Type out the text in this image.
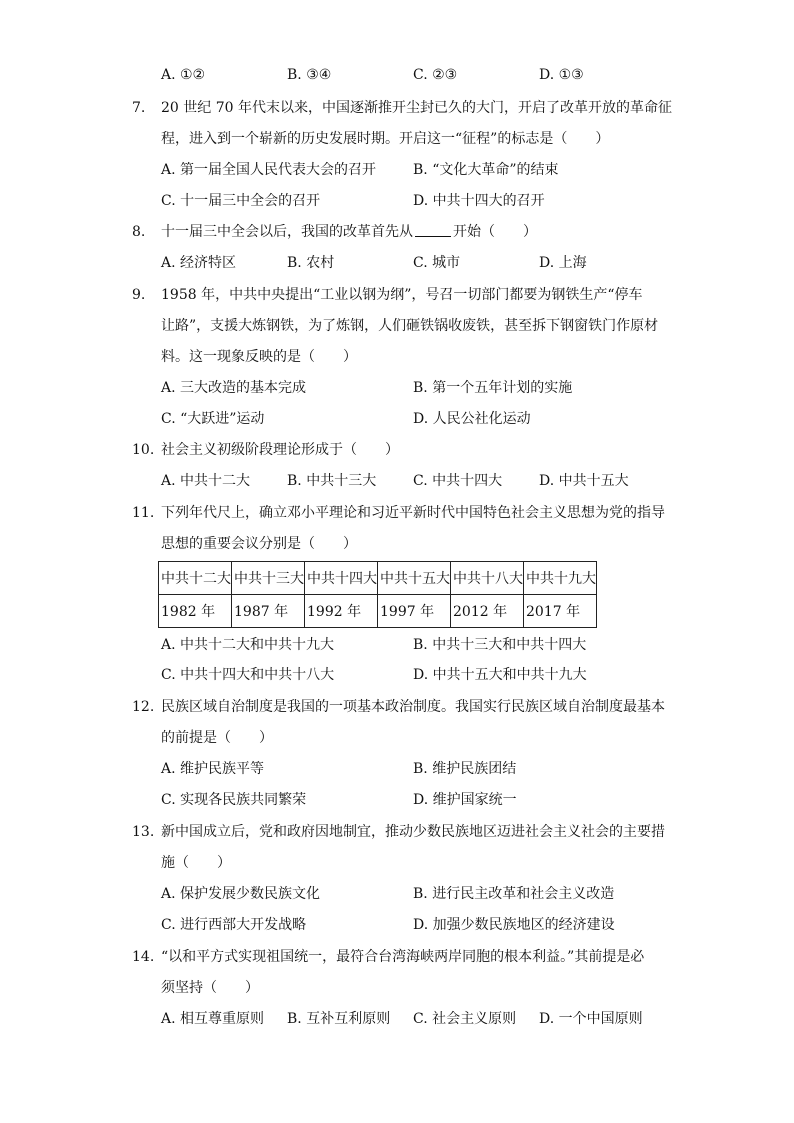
A. ①②	B. ③④	C. ②③	D. ①③
7. 20 世纪 70 年代末以来，中国逐渐推开尘封已久的大门，开启了改革开放的革命征
程，进入到一个崭新的历史发展时期。开启这一“征程”的标志是（　　）
A. 第一届全国人民代表大会的召开	B. “文化大革命”的结束
C. 十一届三中全会的召开	D. 中共十四大的召开
8. 十一届三中全会以后，我国的改革首先从	开始（　　）
A. 经济特区	B. 农村	C. 城市	D. 上海
9. 1958 年，中共中央提出“工业以钢为纲”，号召一切部门都要为钢铁生产“停车
让路”，支援大炼钢铁，为了炼钢，人们砸铁锅收废铁，甚至拆下钢窗铁门作原材
料。这一现象反映的是（　　）
A. 三大改造的基本完成	B. 第一个五年计划的实施
C. “大跃进”运动	D. 人民公社化运动
10. 社会主义初级阶段理论形成于（　　）
A. 中共十二大	B. 中共十三大	C. 中共十四大	D. 中共十五大
11. 下列年代尺上，确立邓小平理论和习近平新时代中国特色社会主义思想为党的指导
思想的重要会议分别是（　　）
中共十二大	中共十三大	中共十四大	中共十五大	中共十八大	中共十九大
1982 年	1987 年	1992 年	1997 年	2012 年	2017 年
A. 中共十二大和中共十九大	B. 中共十三大和中共十四大
C. 中共十四大和中共十八大	D. 中共十五大和中共十九大
12. 民族区域自治制度是我国的一项基本政治制度。我国实行民族区域自治制度最基本
的前提是（　　）
A. 维护民族平等	B. 维护民族团结
C. 实现各民族共同繁荣	D. 维护国家统一
13. 新中国成立后，党和政府因地制宜，推动少数民族地区迈进社会主义社会的主要措
施（　　）
A. 保护发展少数民族文化	B. 进行民主改革和社会主义改造
C. 进行西部大开发战略	D. 加强少数民族地区的经济建设
14. “以和平方式实现祖国统一，最符合台湾海峡两岸同胞的根本利益。”其前提是必
须坚持（　　）
A. 相互尊重原则 B. 互补互利原则 C. 社会主义原则 D. 一个中国原则
